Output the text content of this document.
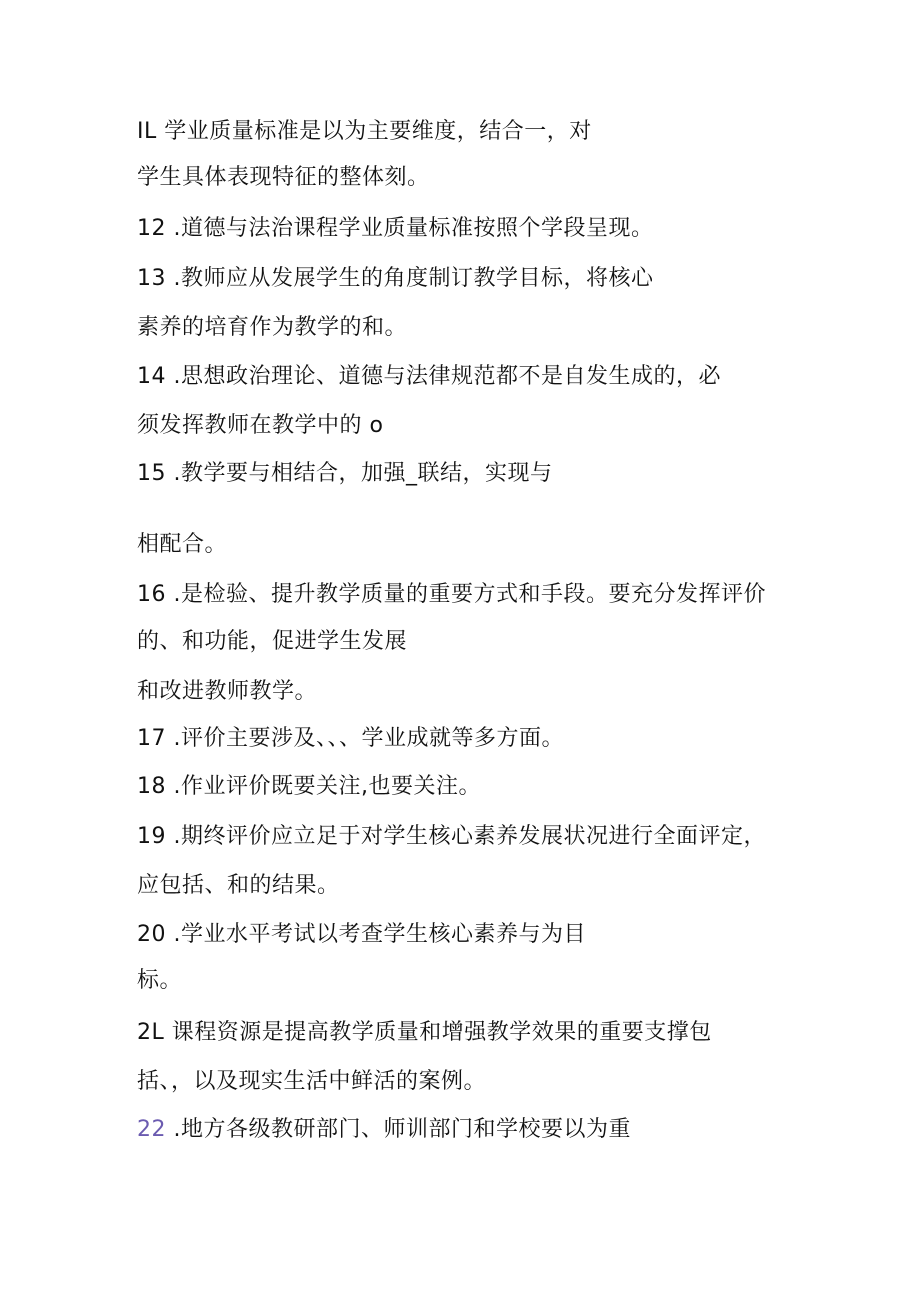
IL 学业质量标准是以为主要维度，结合一，对
学生具体表现特征的整体刻。
12 .道德与法治课程学业质量标准按照个学段呈现。
13 .教师应从发展学生的角度制订教学目标，将核心
素养的培育作为教学的和。
14 .思想政治理论、道德与法律规范都不是自发生成的，必
须发挥教师在教学中的 o
15 .教学要与相结合，加强_联结，实现与
相配合。
16 .是检验、提升教学质量的重要方式和手段。要充分发挥评价
的、和功能，促进学生发展
和改进教师教学。
17 .评价主要涉及、、、学业成就等多方面。
18 .作业评价既要关注,也要关注。
19 .期终评价应立足于对学生核心素养发展状况进行全面评定，
应包括、和的结果。
20 .学业水平考试以考查学生核心素养与为目
标。
2L 课程资源是提高教学质量和增强教学效果的重要支撑包
括、，以及现实生活中鲜活的案例。
22 .地方各级教研部门、师训部门和学校要以为重
